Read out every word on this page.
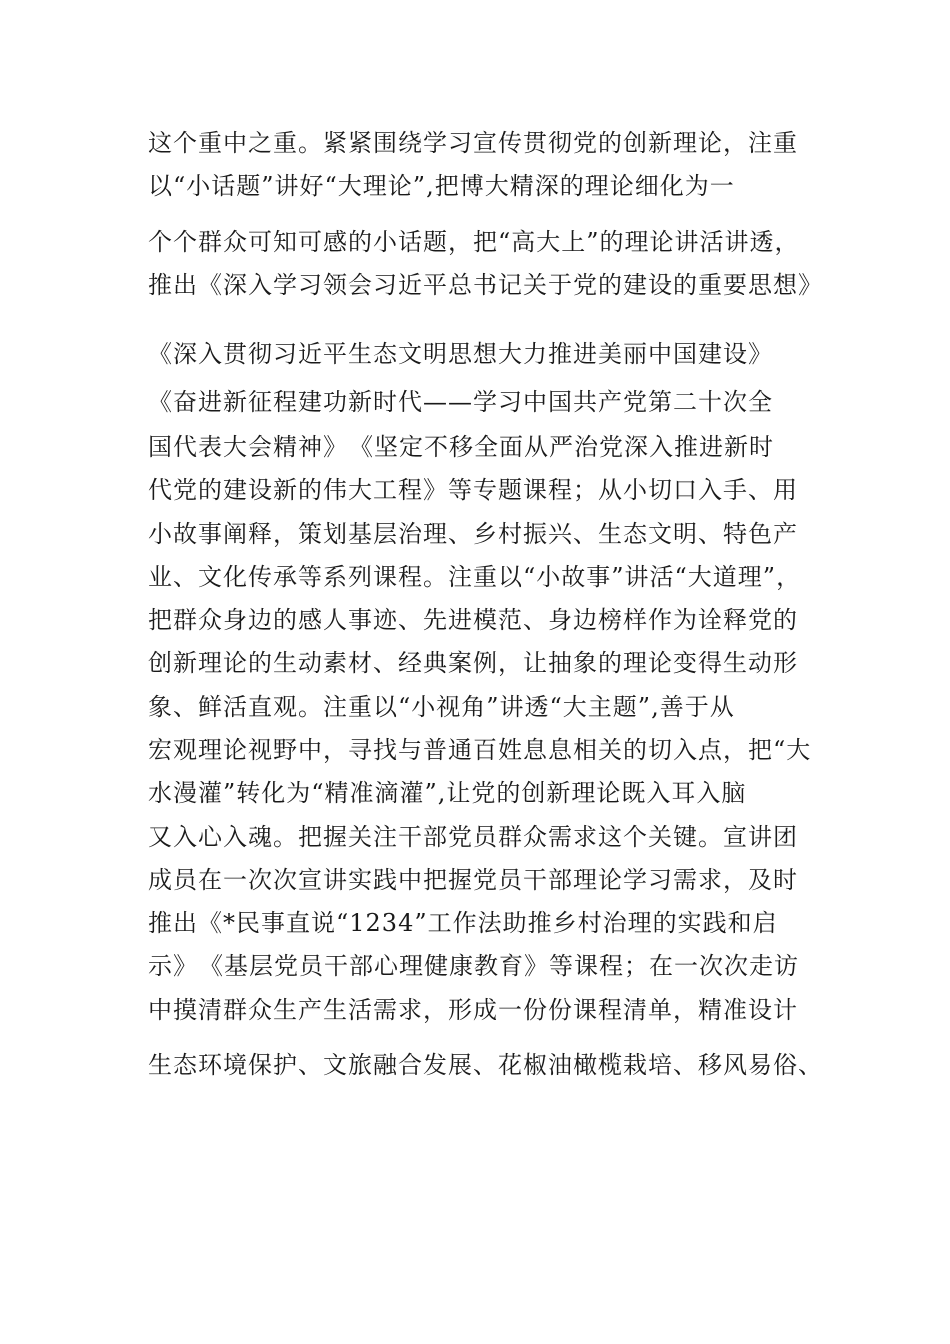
这个重中之重。紧紧围绕学习宣传贯彻党的创新理论，注重
以“小话题”讲好“大理论”,把博大精深的理论细化为一
个个群众可知可感的小话题，把“高大上”的理论讲活讲透，
推出《深入学习领会习近平总书记关于党的建设的重要思想》
《深入贯彻习近平生态文明思想大力推进美丽中国建设》
《奋进新征程建功新时代——学习中国共产党第二十次全
国代表大会精神》　《坚定不移全面从严治党深入推进新时
代党的建设新的伟大工程》等专题课程；从小切口入手、用
小故事阐释，策划基层治理、乡村振兴、生态文明、特色产
业、文化传承等系列课程。注重以“小故事”讲活“大道理”，
把群众身边的感人事迹、先进模范、身边榜样作为诠释党的
创新理论的生动素材、经典案例，让抽象的理论变得生动形
象、鲜活直观。注重以“小视角”讲透“大主题”,善于从
宏观理论视野中，寻找与普通百姓息息相关的切入点，把“大
水漫灌”转化为“精准滴灌”,让党的创新理论既入耳入脑
又入心入魂。把握关注干部党员群众需求这个关键。宣讲团
成员在一次次宣讲实践中把握党员干部理论学习需求，及时
推出《*民事直说“1234”工作法助推乡村治理的实践和启
示》　《基层党员干部心理健康教育》等课程；在一次次走访
中摸清群众生产生活需求，形成一份份课程清单，精准设计
生态环境保护、文旅融合发展、花椒油橄榄栽培、移风易俗、
